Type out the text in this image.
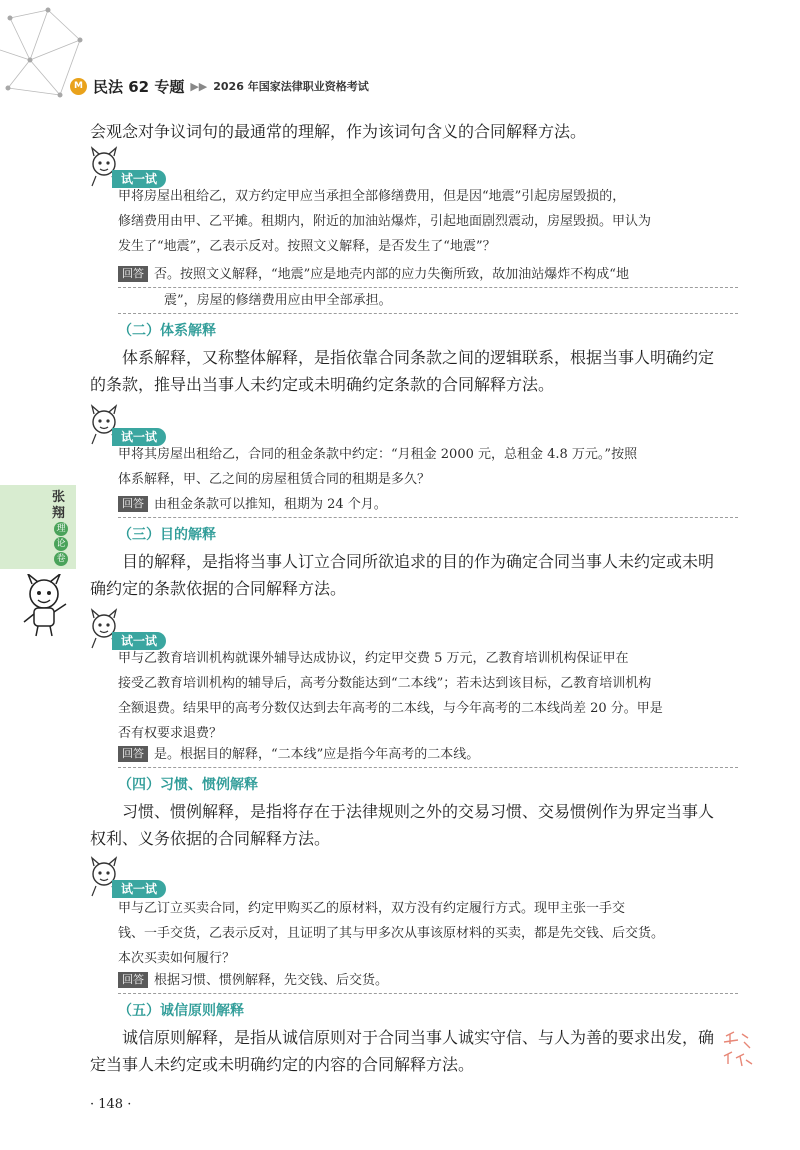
M 民法 62 专题 ▶▶ 2026 年国家法律职业资格考试
会观念对争议词句的最通常的理解，作为该词句含义的合同解释方法。
试一试
甲将房屋出租给乙，双方约定甲应当承担全部修缮费用，但是因“地震”引起房屋毁损的，
修缮费用由甲、乙平摊。租期内，附近的加油站爆炸，引起地面剧烈震动，房屋毁损。甲认为
发生了“地震”，乙表示反对。按照文义解释，是否发生了“地震”？
回答 否。按照文义解释，“地震”应是地壳内部的应力失衡所致，故加油站爆炸不构成“地
震”，房屋的修缮费用应由甲全部承担。
（二）体系解释
体系解释，又称整体解释，是指依靠合同条款之间的逻辑联系，根据当事人明确约定
的条款，推导出当事人未约定或未明确约定条款的合同解释方法。
试一试
甲将其房屋出租给乙，合同的租金条款中约定：“月租金 2000 元，总租金 4.8 万元。”按照
体系解释，甲、乙之间的房屋租赁合同的租期是多久？
回答 由租金条款可以推知，租期为 24 个月。
（三）目的解释
目的解释，是指将当事人订立合同所欲追求的目的作为确定合同当事人未约定或未明
确约定的条款依据的合同解释方法。
试一试
甲与乙教育培训机构就课外辅导达成协议，约定甲交费 5 万元，乙教育培训机构保证甲在
接受乙教育培训机构的辅导后，高考分数能达到“二本线”；若未达到该目标，乙教育培训机构
全额退费。结果甲的高考分数仅达到去年高考的二本线，与今年高考的二本线尚差 20 分。甲是
否有权要求退费？
回答 是。根据目的解释，“二本线”应是指今年高考的二本线。
（四）习惯、惯例解释
习惯、惯例解释，是指将存在于法律规则之外的交易习惯、交易惯例作为界定当事人
权利、义务依据的合同解释方法。
试一试
甲与乙订立买卖合同，约定甲购买乙的原材料，双方没有约定履行方式。现甲主张一手交
钱、一手交货，乙表示反对，且证明了其与甲多次从事该原材料的买卖，都是先交钱、后交货。
本次买卖如何履行？
回答 根据习惯、惯例解释，先交钱、后交货。
（五）诚信原则解释
诚信原则解释，是指从诚信原则对于合同当事人诚实守信、与人为善的要求出发，确
定当事人未约定或未明确约定的内容的合同解释方法。
张翔
理
论
卷
· 148 ·
